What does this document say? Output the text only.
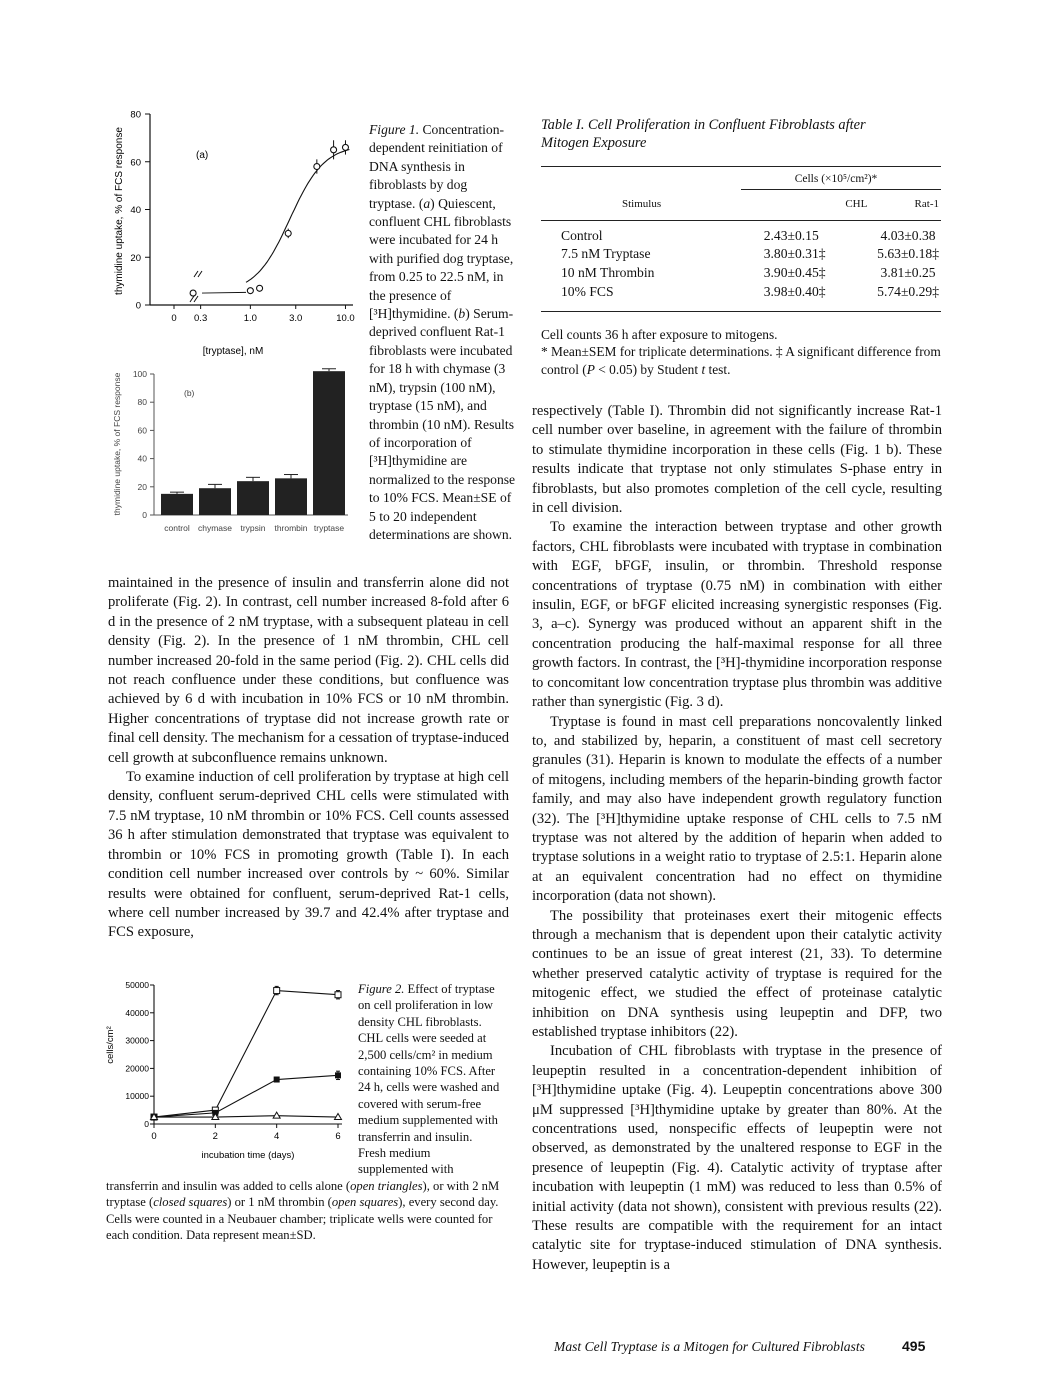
0
20
40
60
80
0 0.3	1.0	3.0	10.0
thymidine uptake, % of FCS response	(a)
[tryptase], nM
0
20
40
60
80
100
control chymase trypsin thrombin tryptase
thymidine uptake, % of FCS response	(b)

Figure 1. Concentration-dependent reinitiation of DNA synthesis in fibroblasts by dog tryptase. (a) Quiescent, confluent CHL fibroblasts were incubated for 24 h with purified dog tryptase, from 0.25 to 22.5 nM, in the presence of [³H]thymidine. (b) Serum-deprived confluent Rat-1 fibroblasts were incubated for 18 h with chymase (3 nM), trypsin (100 nM), tryptase (15 nM), and thrombin (10 nM). Results of incorporation of [³H]thymidine are normalized to the response to 10% FCS. Mean±SE of 5 to 20 independent determinations are shown.

Table I. Cell Proliferation in Confluent Fibroblasts after Mitogen Exposure
Cells (×10⁵/cm²)*
Stimulus	CHL	Rat-1
Control	2.43±0.15	4.03±0.38
7.5 nM Tryptase	3.80±0.31‡	5.63±0.18‡
10 nM Thrombin	3.90±0.45‡	3.81±0.25
10% FCS	3.98±0.40‡	5.74±0.29‡
Cell counts 36 h after exposure to mitogens.
* Mean±SEM for triplicate determinations. ‡ A significant difference from control (P < 0.05) by Student t test.

maintained in the presence of insulin and transferrin alone did not proliferate (Fig. 2). In contrast, cell number increased 8-fold after 6 d in the presence of 2 nM tryptase, with a subsequent plateau in cell density (Fig. 2). In the presence of 1 nM thrombin, CHL cell number increased 20-fold in the same period (Fig. 2). CHL cells did not reach confluence under these conditions, but confluence was achieved by 6 d with incubation in 10% FCS or 10 nM thrombin. Higher concentrations of tryptase did not increase growth rate or final cell density. The mechanism for a cessation of tryptase-induced cell growth at subconfluence remains unknown.

To examine induction of cell proliferation by tryptase at high cell density, confluent serum-deprived CHL cells were stimulated with 7.5 nM tryptase, 10 nM thrombin or 10% FCS. Cell counts assessed 36 h after stimulation demonstrated that tryptase was equivalent to thrombin or 10% FCS in promoting growth (Table I). In each condition cell number increased over controls by ~ 60%. Similar results were obtained for confluent, serum-deprived Rat-1 cells, where cell number increased by 39.7 and 42.4% after tryptase and FCS exposure,

0
10000
20000
30000
40000
50000
0	2	4	6
cells/cm²
incubation time (days)

Figure 2. Effect of tryptase on cell proliferation in low density CHL fibroblasts. CHL cells were seeded at 2,500 cells/cm² in medium containing 10% FCS. After 24 h, cells were washed and covered with serum-free medium supplemented with transferrin and insulin. Fresh medium supplemented with transferrin and insulin was added to cells alone (open triangles), or with 2 nM tryptase (closed squares) or 1 nM thrombin (open squares), every second day. Cells were counted in a Neubauer chamber; triplicate wells were counted for each condition. Data represent mean±SD.

respectively (Table I). Thrombin did not significantly increase Rat-1 cell number over baseline, in agreement with the failure of thrombin to stimulate thymidine incorporation in these cells (Fig. 1 b). These results indicate that tryptase not only stimulates S-phase entry in fibroblasts, but also promotes completion of the cell cycle, resulting in cell division.

To examine the interaction between tryptase and other growth factors, CHL fibroblasts were incubated with tryptase in combination with EGF, bFGF, insulin, or thrombin. Threshold response concentrations of tryptase (0.75 nM) in combination with either insulin, EGF, or bFGF elicited increasing synergistic responses (Fig. 3, a–c). Synergy was produced without an apparent shift in the concentration producing the half-maximal response for all three growth factors. In contrast, the [³H]-thymidine incorporation response to concomitant low concentration tryptase plus thrombin was additive rather than synergistic (Fig. 3 d).

Tryptase is found in mast cell preparations noncovalently linked to, and stabilized by, heparin, a constituent of mast cell secretory granules (31). Heparin is known to modulate the effects of a number of mitogens, including members of the heparin-binding growth factor family, and may also have independent growth regulatory function (32). The [³H]thymidine uptake response of CHL cells to 7.5 nM tryptase was not altered by the addition of heparin when added to tryptase solutions in a weight ratio to tryptase of 2.5:1. Heparin alone at an equivalent concentration had no effect on thymidine incorporation (data not shown).

The possibility that proteinases exert their mitogenic effects through a mechanism that is dependent upon their catalytic activity continues to be an issue of great interest (21, 33). To determine whether preserved catalytic activity of tryptase is required for the mitogenic effect, we studied the effect of proteinase catalytic inhibition on DNA synthesis using leupeptin and DFP, two established tryptase inhibitors (22).

Incubation of CHL fibroblasts with tryptase in the presence of leupeptin resulted in a concentration-dependent inhibition of [³H]thymidine uptake (Fig. 4). Leupeptin concentrations above 300 μM suppressed [³H]thymidine uptake by greater than 80%. At the concentrations used, nonspecific effects of leupeptin were not observed, as demonstrated by the unaltered response to EGF in the presence of leupeptin (Fig. 4). Catalytic activity of tryptase after incubation with leupeptin (1 mM) was reduced to less than 0.5% of initial activity (data not shown), consistent with previous results (22). These results are compatible with the requirement for an intact catalytic site for tryptase-induced stimulation of DNA synthesis. However, leupeptin is a

Mast Cell Tryptase is a Mitogen for Cultured Fibroblasts	495
